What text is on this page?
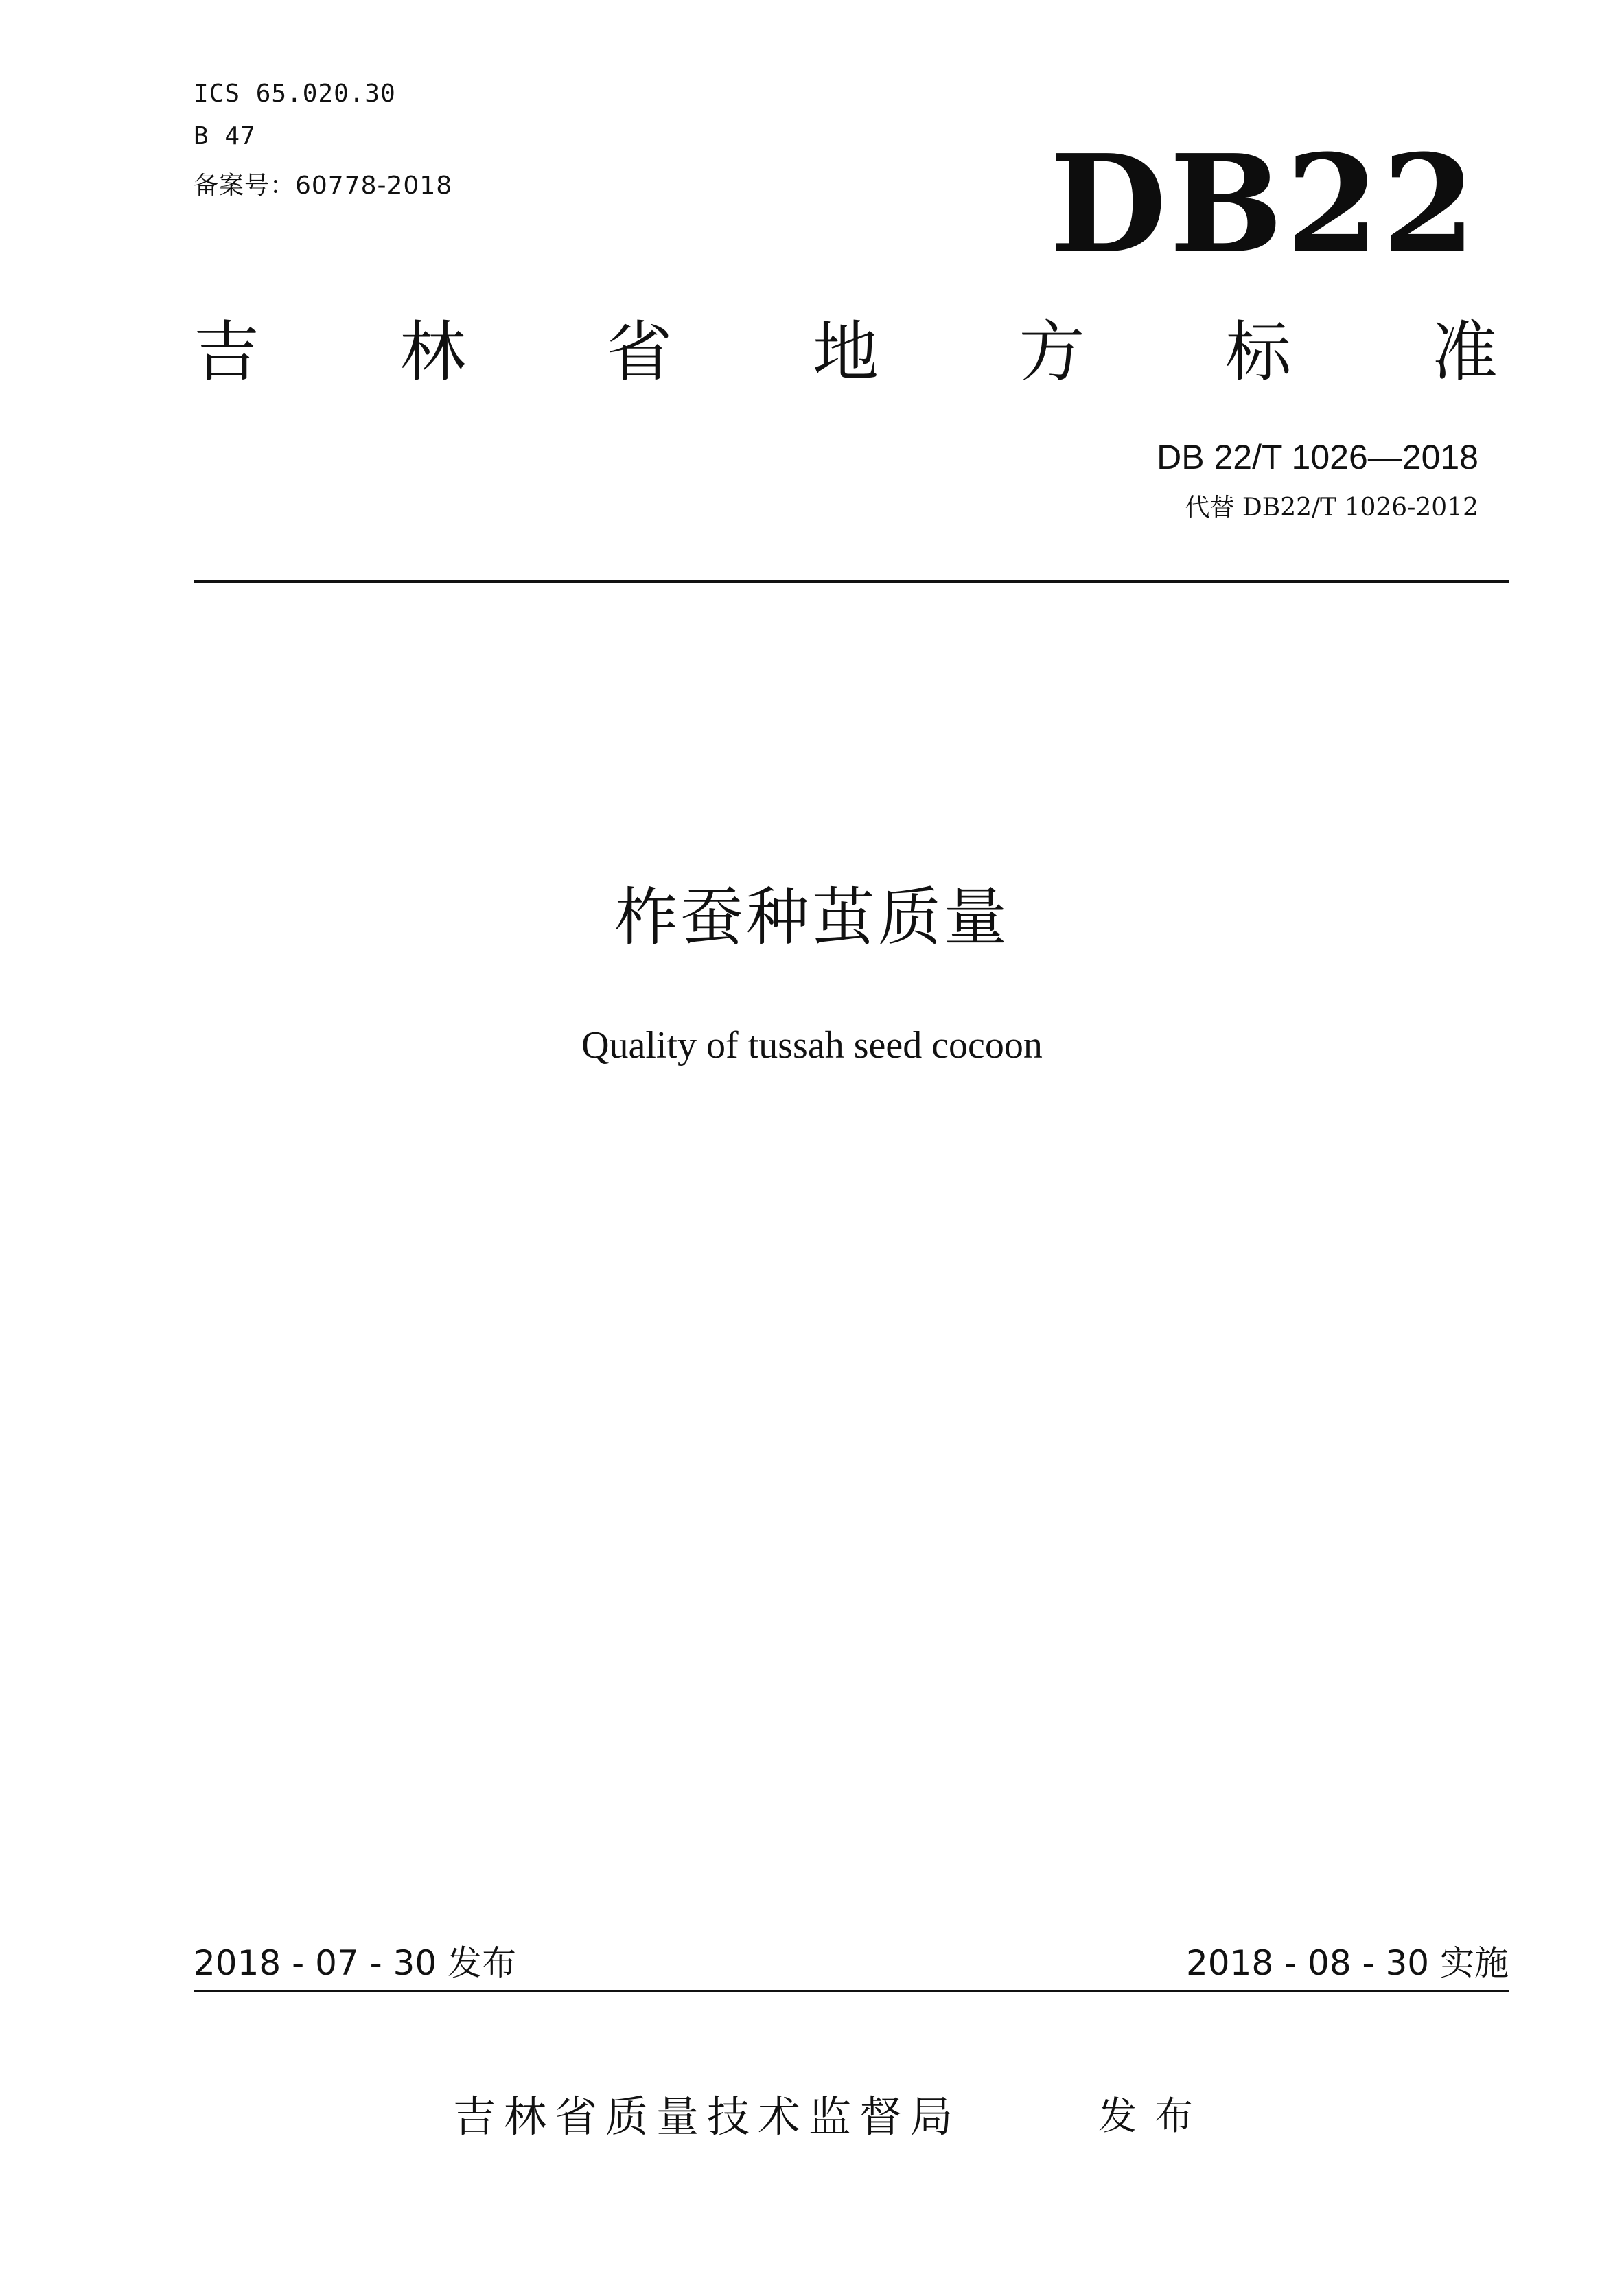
ICS 65.020.30
B 47
备案号：60778-2018	DB22
吉 林 省 地 方 标 准
DB 22/T 1026—2018
代替 DB22/T 1026-2012
柞蚕种茧质量
Quality of tussah seed cocoon
2018 - 07 - 30 发布	2018 - 08 - 30 实施
吉林省质量技术监督局	发布
